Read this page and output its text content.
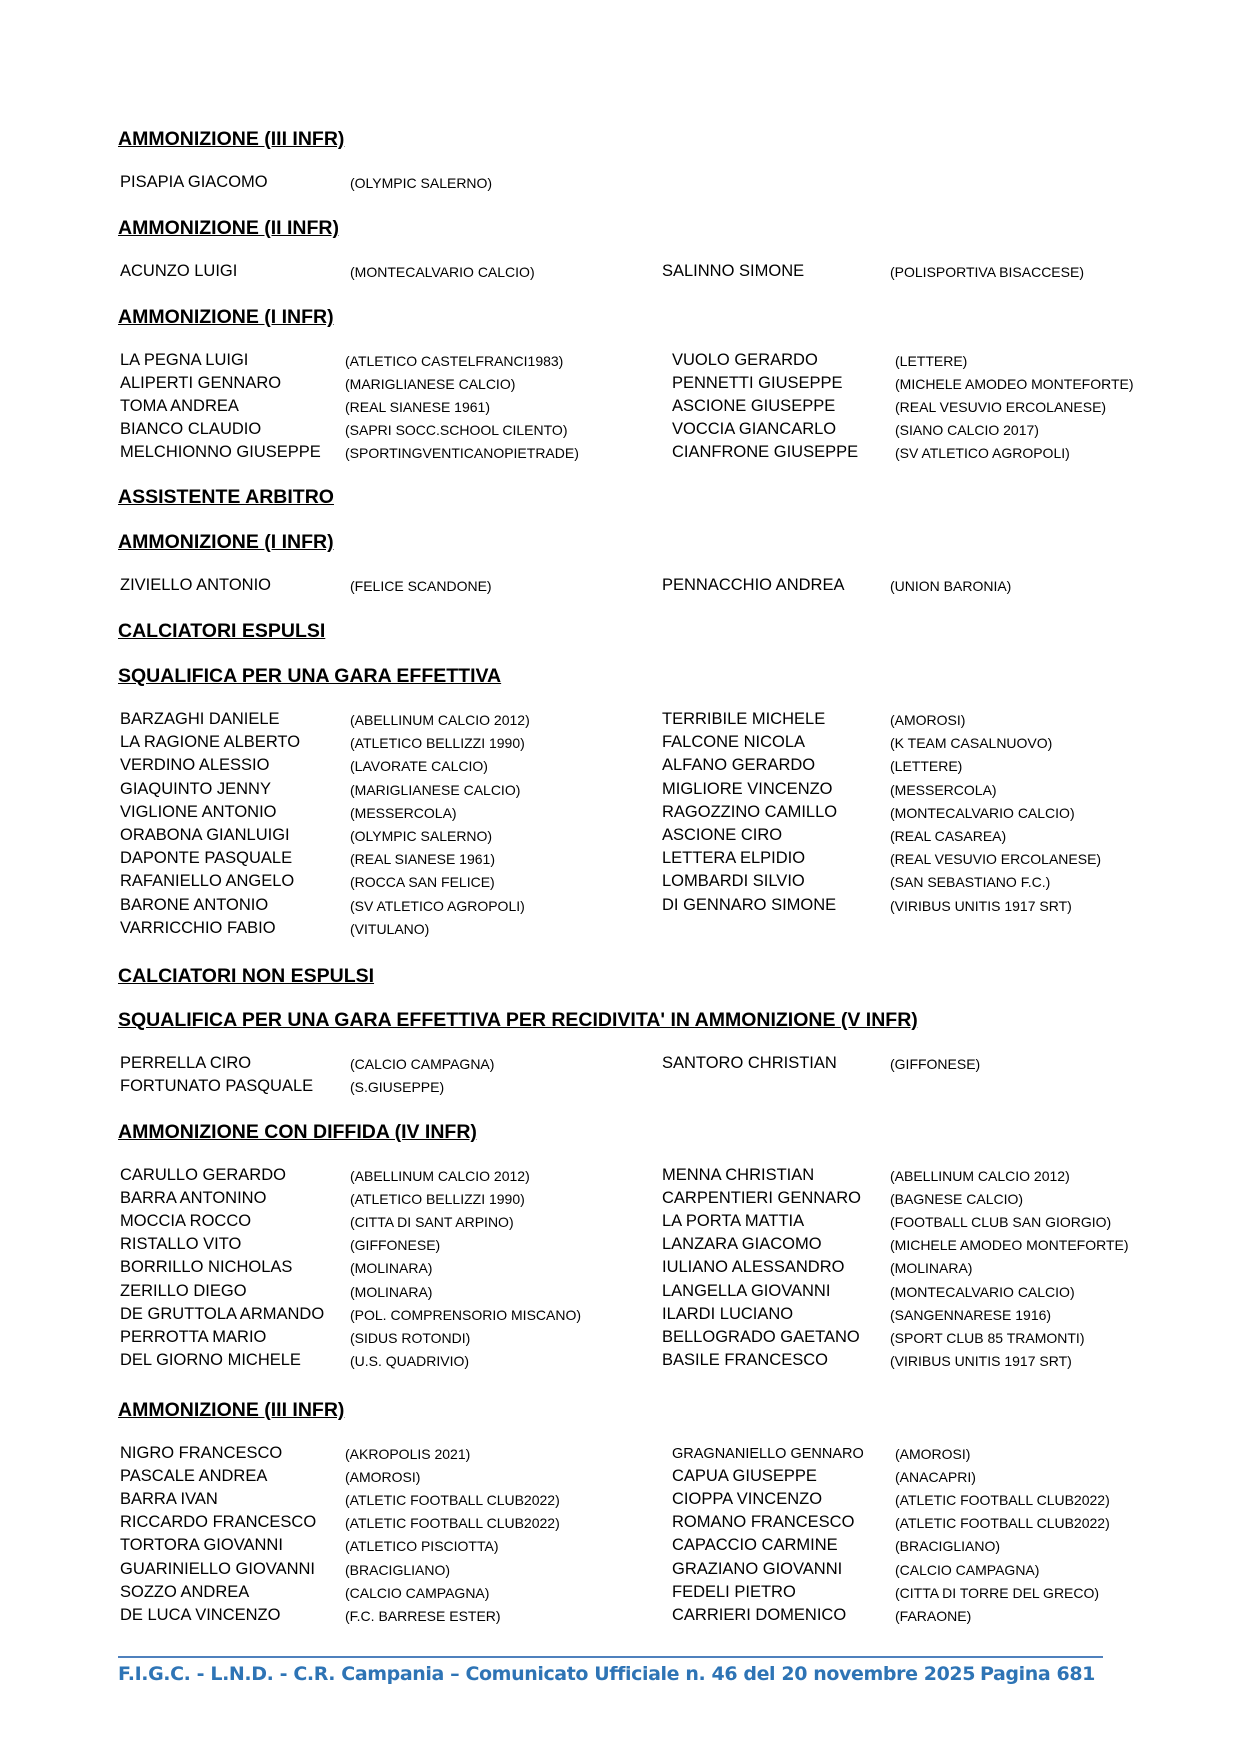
AMMONIZIONE (III INFR)
PISAPIA GIACOMO	(OLYMPIC SALERNO)
AMMONIZIONE (II INFR)
ACUNZO LUIGI	(MONTECALVARIO CALCIO)	SALINNO SIMONE	(POLISPORTIVA BISACCESE)
AMMONIZIONE (I INFR)
LA PEGNA LUIGI	(ATLETICO CASTELFRANCI1983)	VUOLO GERARDO	(LETTERE)
ALIPERTI GENNARO	(MARIGLIANESE CALCIO)	PENNETTI GIUSEPPE	(MICHELE AMODEO MONTEFORTE)
TOMA ANDREA	(REAL SIANESE 1961)	ASCIONE GIUSEPPE	(REAL VESUVIO ERCOLANESE)
BIANCO CLAUDIO	(SAPRI SOCC.SCHOOL CILENTO)	VOCCIA GIANCARLO	(SIANO CALCIO 2017)
MELCHIONNO GIUSEPPE (SPORTINGVENTICANOPIETRADE)	CIANFRONE GIUSEPPE	(SV ATLETICO AGROPOLI)
ASSISTENTE ARBITRO
AMMONIZIONE (I INFR)
ZIVIELLO ANTONIO	(FELICE SCANDONE)	PENNACCHIO ANDREA	(UNION BARONIA)
CALCIATORI ESPULSI
SQUALIFICA PER UNA GARA EFFETTIVA
BARZAGHI DANIELE	(ABELLINUM CALCIO 2012)	TERRIBILE MICHELE	(AMOROSI)
LA RAGIONE ALBERTO	(ATLETICO BELLIZZI 1990)	FALCONE NICOLA	(K TEAM CASALNUOVO)
VERDINO ALESSIO	(LAVORATE CALCIO)	ALFANO GERARDO	(LETTERE)
GIAQUINTO JENNY	(MARIGLIANESE CALCIO)	MIGLIORE VINCENZO	(MESSERCOLA)
VIGLIONE ANTONIO	(MESSERCOLA)	RAGOZZINO CAMILLO	(MONTECALVARIO CALCIO)
ORABONA GIANLUIGI	(OLYMPIC SALERNO)	ASCIONE CIRO	(REAL CASAREA)
DAPONTE PASQUALE	(REAL SIANESE 1961)	LETTERA ELPIDIO	(REAL VESUVIO ERCOLANESE)
RAFANIELLO ANGELO	(ROCCA SAN FELICE)	LOMBARDI SILVIO	(SAN SEBASTIANO F.C.)
BARONE ANTONIO	(SV ATLETICO AGROPOLI)	DI GENNARO SIMONE	(VIRIBUS UNITIS 1917 SRT)
VARRICCHIO FABIO	(VITULANO)
CALCIATORI NON ESPULSI
SQUALIFICA PER UNA GARA EFFETTIVA PER RECIDIVITA' IN AMMONIZIONE (V INFR)
PERRELLA CIRO	(CALCIO CAMPAGNA)	SANTORO CHRISTIAN	(GIFFONESE)
FORTUNATO PASQUALE	(S.GIUSEPPE)
AMMONIZIONE CON DIFFIDA (IV INFR)
CARULLO GERARDO	(ABELLINUM CALCIO 2012)	MENNA CHRISTIAN	(ABELLINUM CALCIO 2012)
BARRA ANTONINO	(ATLETICO BELLIZZI 1990)	CARPENTIERI GENNARO (BAGNESE CALCIO)
MOCCIA ROCCO	(CITTA DI SANT ARPINO)	LA PORTA MATTIA	(FOOTBALL CLUB SAN GIORGIO)
RISTALLO VITO	(GIFFONESE)	LANZARA GIACOMO	(MICHELE AMODEO MONTEFORTE)
BORRILLO NICHOLAS	(MOLINARA)	IULIANO ALESSANDRO	(MOLINARA)
ZERILLO DIEGO	(MOLINARA)	LANGELLA GIOVANNI	(MONTECALVARIO CALCIO)
DE GRUTTOLA ARMANDO (POL. COMPRENSORIO MISCANO)	ILARDI LUCIANO	(SANGENNARESE 1916)
PERROTTA MARIO	(SIDUS ROTONDI)	BELLOGRADO GAETANO (SPORT CLUB 85 TRAMONTI)
DEL GIORNO MICHELE	(U.S. QUADRIVIO)	BASILE FRANCESCO	(VIRIBUS UNITIS 1917 SRT)
AMMONIZIONE (III INFR)
NIGRO FRANCESCO	(AKROPOLIS 2021)	GRAGNANIELLO GENNARO (AMOROSI)
PASCALE ANDREA	(AMOROSI)	CAPUA GIUSEPPE	(ANACAPRI)
BARRA IVAN	(ATLETIC FOOTBALL CLUB2022)	CIOPPA VINCENZO	(ATLETIC FOOTBALL CLUB2022)
RICCARDO FRANCESCO (ATLETIC FOOTBALL CLUB2022)	ROMANO FRANCESCO	(ATLETIC FOOTBALL CLUB2022)
TORTORA GIOVANNI	(ATLETICO PISCIOTTA)	CAPACCIO CARMINE	(BRACIGLIANO)
GUARINIELLO GIOVANNI (BRACIGLIANO)	GRAZIANO GIOVANNI	(CALCIO CAMPAGNA)
SOZZO ANDREA	(CALCIO CAMPAGNA)	FEDELI PIETRO	(CITTA DI TORRE DEL GRECO)
DE LUCA VINCENZO	(F.C. BARRESE ESTER)	CARRIERI DOMENICO	(FARAONE)
F.I.G.C. - L.N.D. - C.R. Campania – Comunicato Ufficiale n. 46 del 20 novembre 2025 Pagina 681
